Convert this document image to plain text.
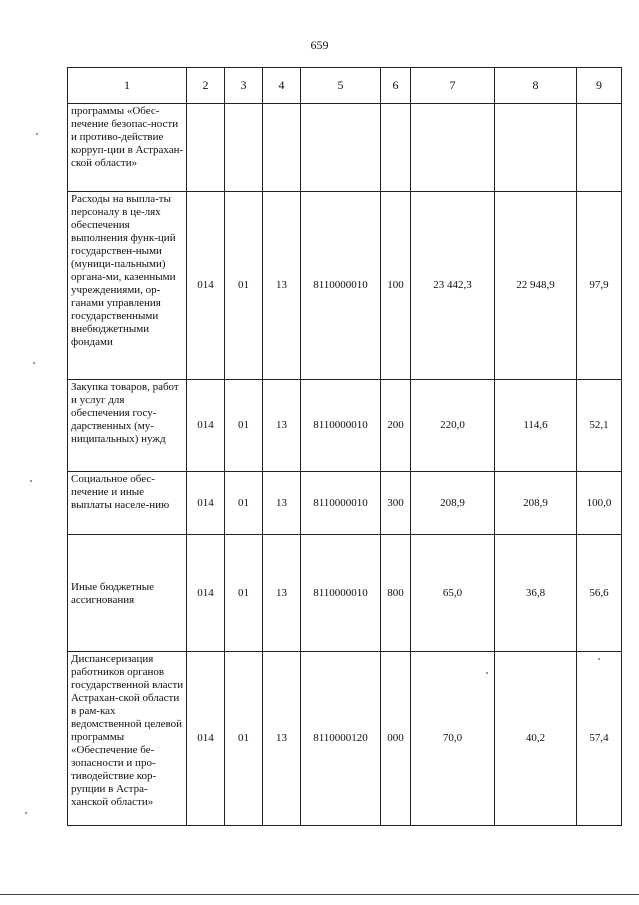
659
1	2	3	4	5	6	7	8	9
программы «Обес-печение безопас-ности и противо-действие корруп-ции в Астрахан-ской области»								
Расходы на выпла-ты персоналу в це-лях обеспечения выполнения функ-ций государствен-ными (муници-пальными) органа-ми, казенными учреждениями, ор-ганами управления государственными внебюджетными фондами	014	01	13	8110000010	100	23 442,3	22 948,9	97,9
Закупка товаров, работ и услуг для обеспечения госу-дарственных (му-ниципальных) нужд	014	01	13	8110000010	200	220,0	114,6	52,1
Социальное обес-печение и иные выплаты населе-нию	014	01	13	8110000010	300	208,9	208,9	100,0
Иные бюджетные ассигнования	014	01	13	8110000010	800	65,0	36,8	56,6
Диспансеризация работников органов государственной власти Астрахан-ской области в рам-ках ведомственной целевой программы «Обеспечение бе-зопасности и про-тиводействие кор-рупции в Астра-ханской области»	014	01	13	8110000120	000	70,0	40,2	57,4
